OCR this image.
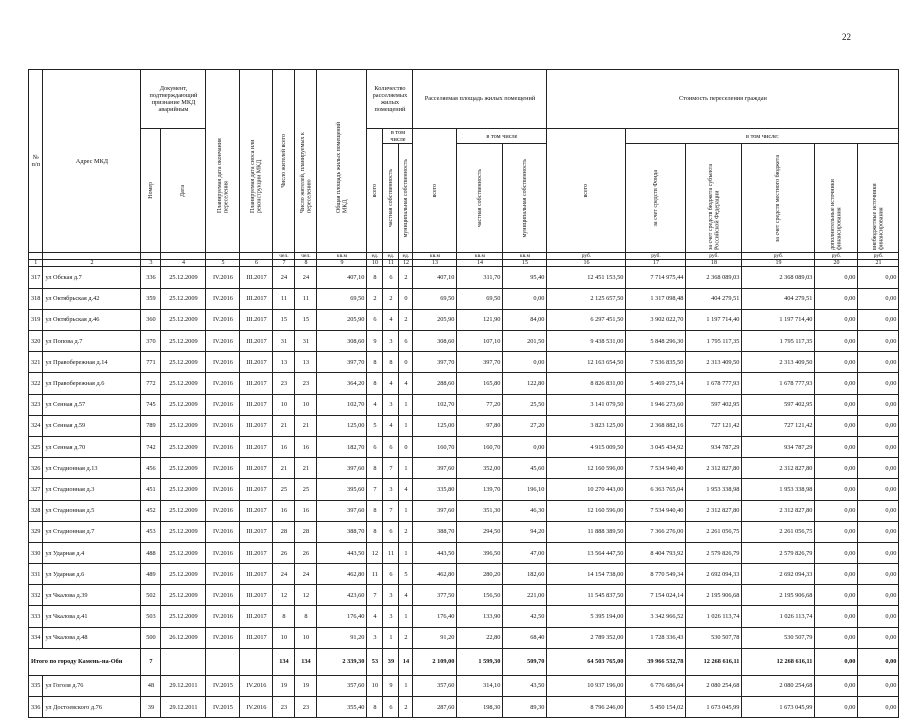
22
№ п/п	Адрес МКД	Документ, подтверждающий признание МКД аварийным		Планируемая дата окончания переселения	Планируемая дата сноса или реконструкции МКД	Число жителей всего	Число жителей, планируемых к переселению	Общая площадь жилых помещений МКД	Количество расселяемых жилых помещений			Расселяемая площадь жилых помещений			Стоимость переселения граждан					

		Номер	Дата						всего	в том числе		всего	в том числе		всего	в том числе:				

										частная собственность	муниципальная собственность		частная собственность	муниципальная собственность		за счет средств Фонда	за счет средств бюджета субъекта Российской Федерации	за счет средств местного бюджета	дополнительные источники финансирования	внебюджетные источники финансирования

						чел.	чел.	кв.м	ед.	ед.	ед.	кв.м	кв.м	кв.м	руб.	руб.	руб.	руб.	руб.	руб.
1	2	3	4	5	6	7	8	9	10	11	12	13	14	15	16	17	18	19	20	21
317	ул Обская д.7	336	25.12.2009	IV.2016	III.2017	24	24	407,10	8	6	2	407,10	311,70	95,40	12 451 153,50	7 714 975,44	2 368 089,03	2 368 089,03	0,00	0,00
318	ул Октябрьская д.42	359	25.12.2009	IV.2016	III.2017	11	11	69,50	2	2	0	69,50	69,50	0,00	2 125 657,50	1 317 098,48	404 279,51	404 279,51	0,00	0,00
319	ул Октябрьская д.46	360	25.12.2009	IV.2016	III.2017	15	15	205,90	6	4	2	205,90	121,90	84,00	6 297 451,50	3 902 022,70	1 197 714,40	1 197 714,40	0,00	0,00
320	ул Попова д.7	370	25.12.2009	IV.2016	III.2017	31	31	308,60	9	3	6	308,60	107,10	201,50	9 438 531,00	5 848 296,30	1 795 117,35	1 795 117,35	0,00	0,00
321	ул Правобережная д.14	771	25.12.2009	IV.2016	III.2017	13	13	397,70	8	8	0	397,70	397,70	0,00	12 163 654,50	7 536 835,50	2 313 409,50	2 313 409,50	0,00	0,00
322	ул Правобережная д.6	772	25.12.2009	IV.2016	III.2017	23	23	364,20	8	4	4	288,60	165,80	122,80	8 826 831,00	5 469 275,14	1 678 777,93	1 678 777,93	0,00	0,00
323	ул Сенная д.57	745	25.12.2009	IV.2016	III.2017	10	10	102,70	4	3	1	102,70	77,20	25,50	3 141 079,50	1 946 273,60	597 402,95	597 402,95	0,00	0,00
324	ул Сенная д.59	789	25.12.2009	IV.2016	III.2017	21	21	125,00	5	4	1	125,00	97,80	27,20	3 823 125,00	2 368 882,16	727 121,42	727 121,42	0,00	0,00
325	ул Сенная д.70	742	25.12.2009	IV.2016	III.2017	16	16	182,70	6	6	0	160,70	160,70	0,00	4 915 009,50	3 045 434,92	934 787,29	934 787,29	0,00	0,00
326	ул Стадионная д.13	456	25.12.2009	IV.2016	III.2017	21	21	397,60	8	7	1	397,60	352,00	45,60	12 160 596,00	7 534 940,40	2 312 827,80	2 312 827,80	0,00	0,00
327	ул Стадионная д.3	451	25.12.2009	IV.2016	III.2017	25	25	395,60	7	3	4	335,80	139,70	196,10	10 270 443,00	6 363 765,04	1 953 338,98	1 953 338,98	0,00	0,00
328	ул Стадионная д.5	452	25.12.2009	IV.2016	III.2017	16	16	397,60	8	7	1	397,60	351,30	46,30	12 160 596,00	7 534 940,40	2 312 827,80	2 312 827,80	0,00	0,00
329	ул Стадионная д.7	453	25.12.2009	IV.2016	III.2017	28	28	388,70	8	6	2	388,70	294,50	94,20	11 888 389,50	7 366 276,00	2 261 056,75	2 261 056,75	0,00	0,00
330	ул Ударная д.4	488	25.12.2009	IV.2016	III.2017	26	26	443,50	12	11	1	443,50	396,50	47,00	13 564 447,50	8 404 793,92	2 579 826,79	2 579 826,79	0,00	0,00
331	ул Ударная д.6	489	25.12.2009	IV.2016	III.2017	24	24	462,80	11	6	5	462,80	280,20	182,60	14 154 738,00	8 770 549,34	2 692 094,33	2 692 094,33	0,00	0,00
332	ул Чкалова д.39	502	25.12.2009	IV.2016	III.2017	12	12	423,60	7	3	4	377,50	156,50	221,00	11 545 837,50	7 154 024,14	2 195 906,68	2 195 906,68	0,00	0,00
333	ул Чкалова д.41	503	25.12.2009	IV.2016	III.2017	8	8	176,40	4	3	1	176,40	133,90	42,50	5 395 194,00	3 342 966,52	1 026 113,74	1 026 113,74	0,00	0,00
334	ул Чкалова д.48	500	26.12.2009	IV.2016	III.2017	10	10	91,20	3	1	2	91,20	22,80	68,40	2 789 352,00	1 728 336,43	530 507,78	530 507,79	0,00	0,00
Итого по городу Камень-на-Оби		7				134	134	2 339,30	53	39	14	2 109,00	1 599,30	509,70	64 503 765,00	39 966 532,78	12 268 616,11	12 268 616,11	0,00	0,00
335	ул Гоголя д.76	48	29.12.2011	IV.2015	IV.2016	19	19	357,60	10	9	1	357,60	314,10	43,50	10 937 196,00	6 776 686,64	2 080 254,68	2 080 254,68	0,00	0,00
336	ул Достоевского д.76	39	29.12.2011	IV.2015	IV.2016	23	23	355,40	8	6	2	287,60	198,30	89,30	8 796 246,00	5 450 154,02	1 673 045,99	1 673 045,99	0,00	0,00
